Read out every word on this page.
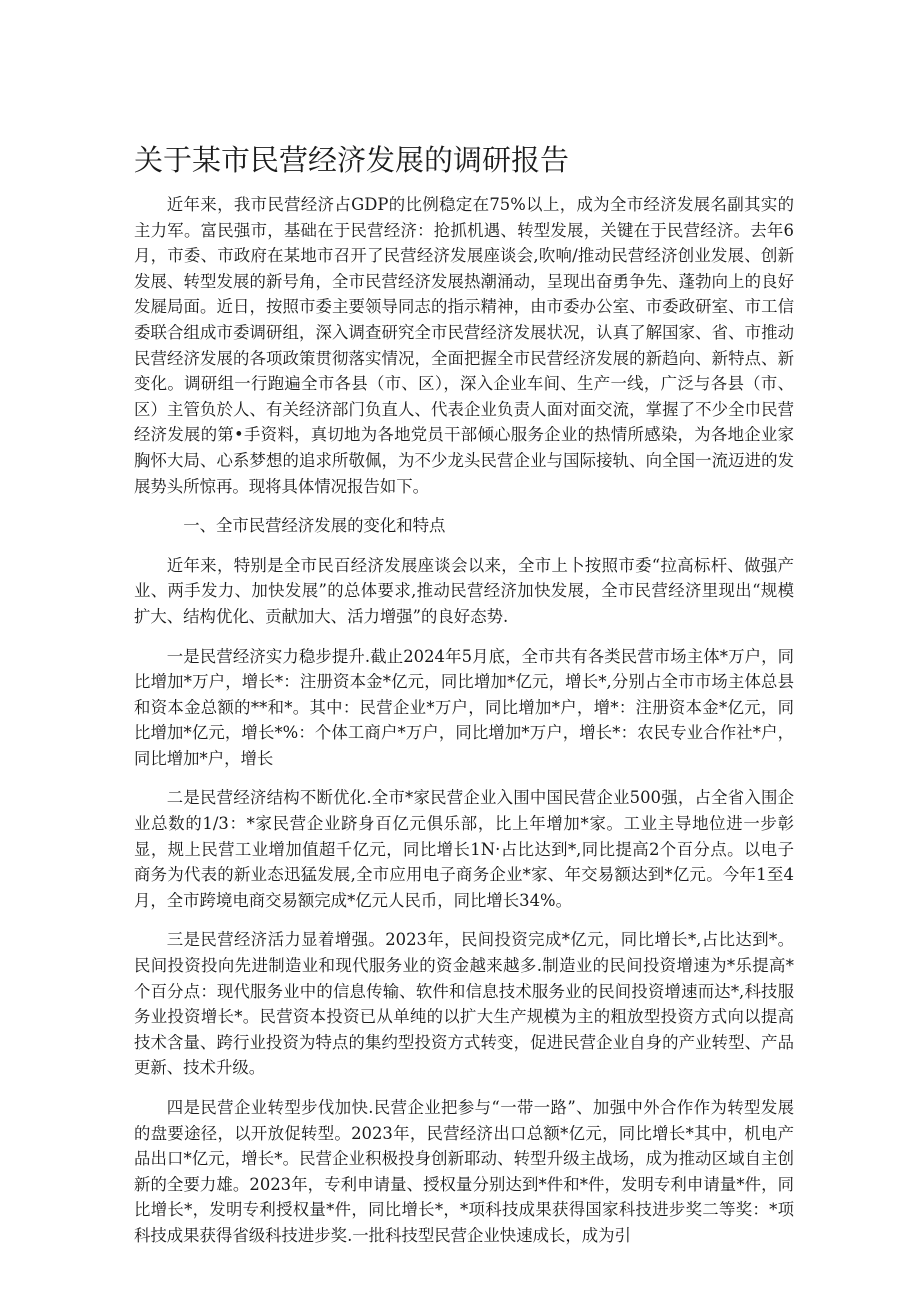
关于某市民营经济发展的调研报告

近年来，我市民营经济占GDP的比例稳定在75%以上，成为全市经济发展名副其实的主力军。富民强市，基础在于民营经济：抢抓机遇、转型发展，关键在于民营经济。去年6月，市委、市政府在某地市召开了民营经济发展座谈会,吹响/推动民营经济创业发展、创新发展、转型发展的新号角，全市民营经济发展热潮涌动，呈现出奋勇争先、蓬勃向上的良好发屣局面。近日，按照市委主要领导同志的指示精神，由市委办公室、市委政研室、市工信委联合组成市委调研组，深入调查研究全市民营经济发展状况，认真了解国家、省、市推动民营经济发展的各项政策贯彻落实情况，全面把握全市民营经济发展的新趋向、新特点、新变化。调研组一行跑遍全市各县（市、区），深入企业车间、生产一线，广泛与各县（市、区）主管负於人、有关经济部门负直人、代表企业负责人面对面交流，掌握了不少全巾民营经济发展的第•手资料，真切地为各地党员干部倾心服务企业的热情所感染，为各地企业家胸怀大局、心系梦想的追求所敬佩，为不少龙头民营企业与国际接轨、向全国一流迈进的发展势头所惊再。现将具体情况报告如下。

一、全市民营经济发展的变化和特点

近年来，特别是全市民百经济发展座谈会以来，全市上卜按照市委“拉高标杆、做强产业、两手发力、加快发展”的总体要求,推动民营经济加快发展，全市民营经济里现出“规模扩大、结构优化、贡献加大、活力增强”的良好态势.

一是民营经济实力稳步提升.截止2024年5月底，全市共有各类民营市场主体*万户，同比增加*万户，增长*：注册资本金*亿元，同比增加*亿元，增长*,分别占全市市场主体总县和资本金总额的**和*。其中：民营企业*万户，同比增加*户，增*：注册资本金*亿元，同比增加*亿元，增长*%：个体工商户*万户，同比增加*万户，增长*：农民专业合作社*户，同比增加*户，增长

二是民营经济结构不断优化.全市*家民营企业入围中国民营企业500强，占全省入围企业总数的1/3：*家民营企业跻身百亿元俱乐部，比上年增加*家。工业主导地位进一步彰显，规上民营工业增加值超千亿元，同比增长1N·占比达到*,同比提高2个百分点。以电子商务为代表的新业态迅猛发展,全市应用电子商务企业*家、年交易额达到*亿元。今年1至4月，全市跨境电商交易额完成*亿元人民币，同比增长34%。

三是民营经济活力显着增强。2023年，民间投资完成*亿元，同比增长*,占比达到*。民间投资投向先进制造业和现代服务业的资金越来越多.制造业的民间投资增速为*乐提高*个百分点：现代服务业中的信息传输、软件和信息技术服务业的民间投资增速而达*,科技服务业投资增长*。民营资本投资已从单纯的以扩大生产规模为主的粗放型投资方式向以提高技术含量、跨行业投资为特点的集约型投资方式转变，促进民营企业自身的产业转型、产品更新、技术升级。

四是民营企业转型步伐加快.民营企业把参与“一带一路”、加强中外合作作为转型发展的盘要途径，以开放促转型。2023年，民营经济出口总额*亿元，同比增长*其中，机电产品出口*亿元，增长*。民营企业积极投身创新耶动、转型升级主战场，成为推动区域自主创新的全要力雄。2023年，专利申请量、授权量分别达到*件和*件，发明专利申请量*件，同比增长*，发明专利授权量*件，同比增长*，*项科技成果获得国家科技进步奖二等奖：*项科技成果获得省级科技进步奖.一批科技型民营企业快速成长，成为引
